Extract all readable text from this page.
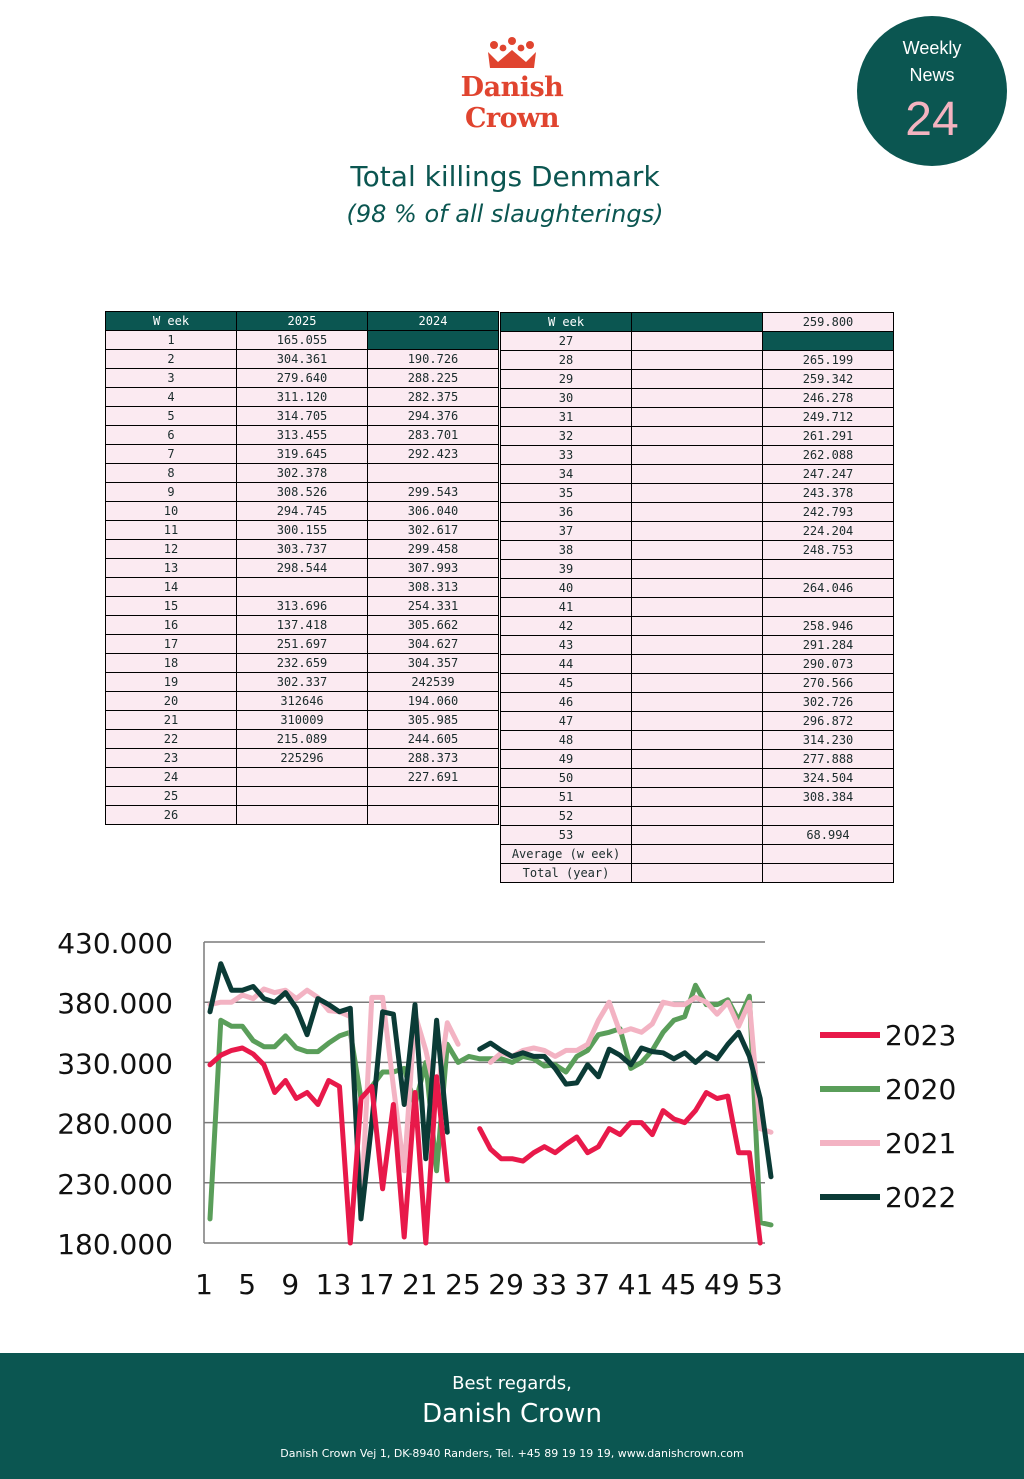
Danish Crown
Weekly
News
24
Total killings Denmark
(98 % of all slaughterings)
W eek	2025	2024
1	165.055	
2	304.361	190.726
3	279.640	288.225
4	311.120	282.375
5	314.705	294.376
6	313.455	283.701
7	319.645	292.423
8	302.378	
9	308.526	299.543
10	294.745	306.040
11	300.155	302.617
12	303.737	299.458
13	298.544	307.993
14		308.313
15	313.696	254.331
16	137.418	305.662
17	251.697	304.627
18	232.659	304.357
19	302.337	242539
20	312646	194.060
21	310009	305.985
22	215.089	244.605
23	225296	288.373
24		227.691
25		
26		
W eek		259.800
27		
28		265.199
29		259.342
30		246.278
31		249.712
32		261.291
33		262.088
34		247.247
35		243.378
36		242.793
37		224.204
38		248.753
39		
40		264.046
41		
42		258.946
43		291.284
44		290.073
45		270.566
46		302.726
47		296.872
48		314.230
49		277.888
50		324.504
51		308.384
52		
53		68.994
Average (w eek)		
Total (year)		
430.000
380.000
330.000
280.000
230.000
180.000
1 5 9 13 17 21 25 29 33 37 41 45 49 53
2023
2020
2021
2022
Best regards,
Danish Crown
Danish Crown Vej 1, DK-8940 Randers, Tel. +45 89 19 19 19, www.danishcrown.com
